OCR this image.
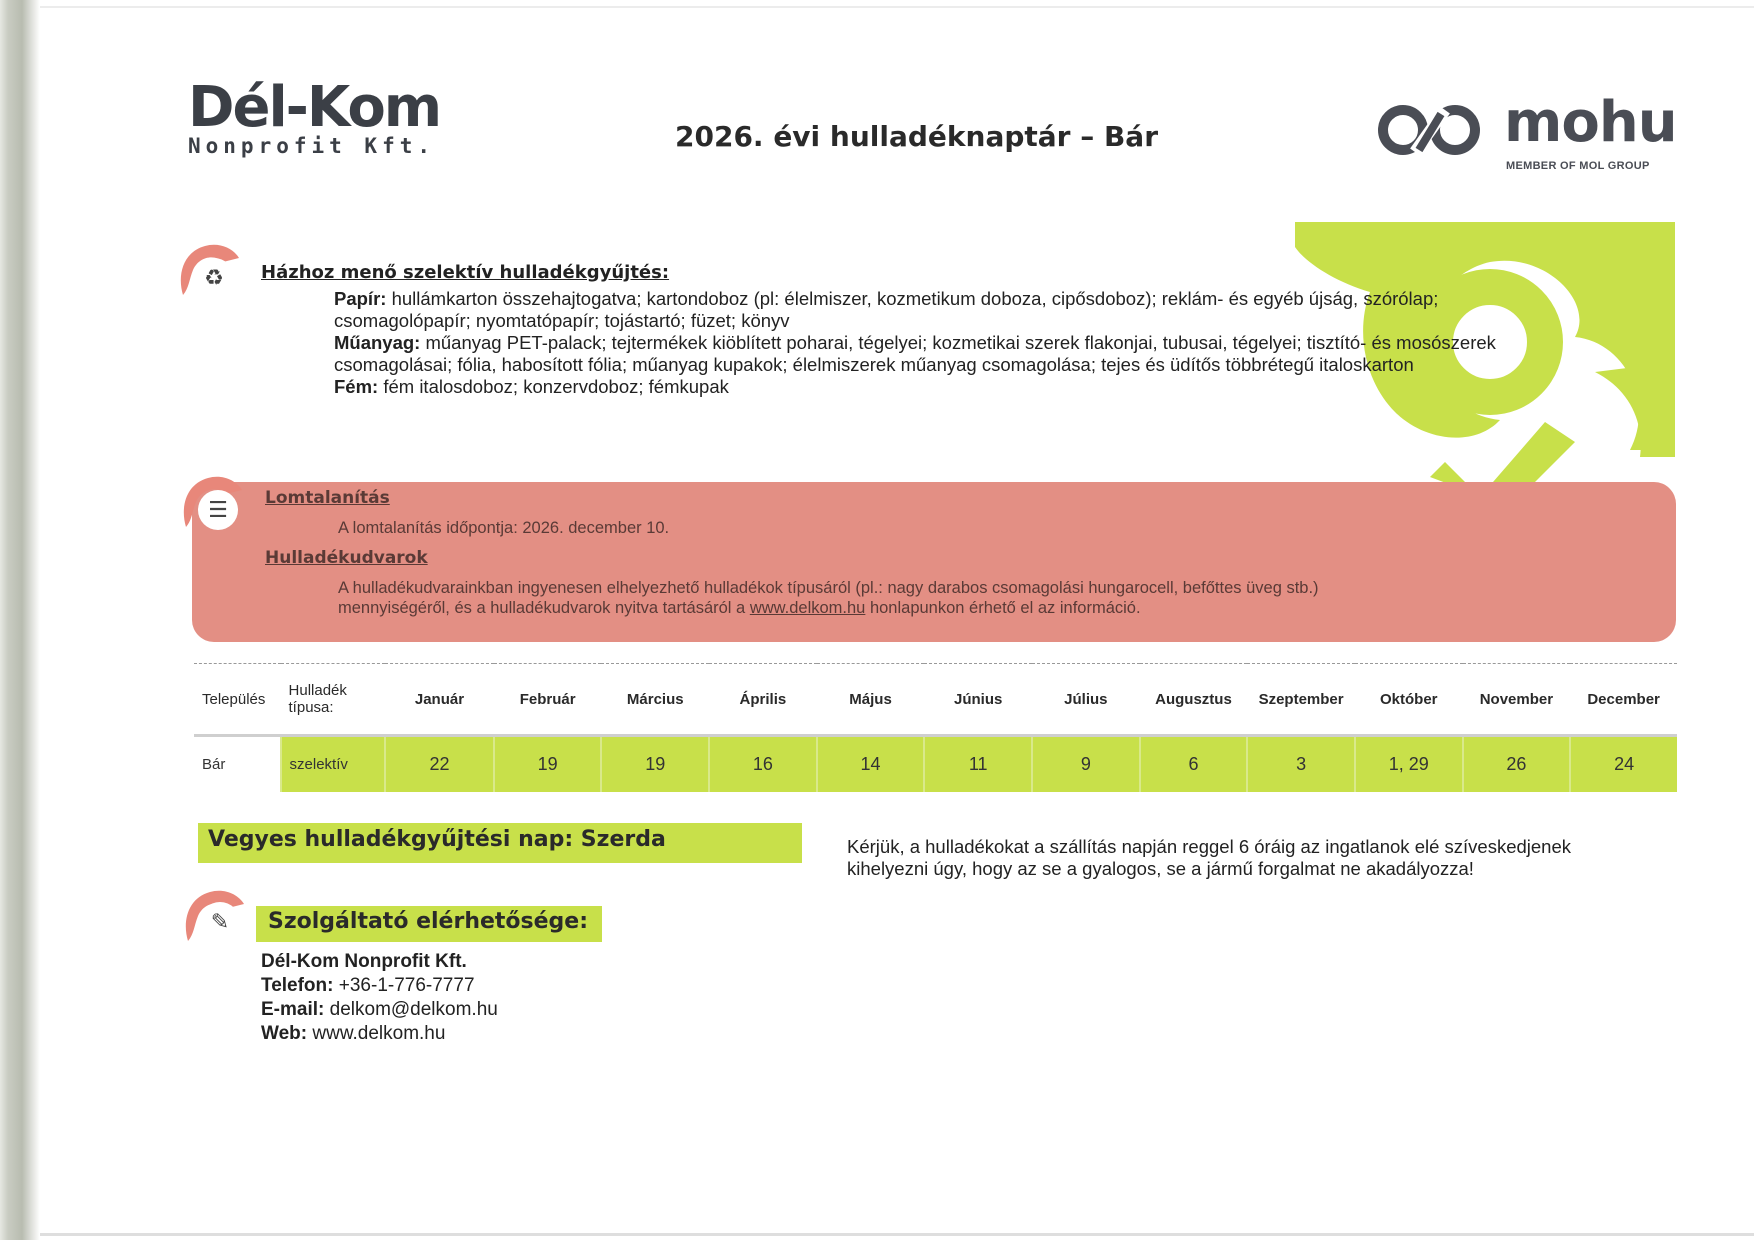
Dél-Kom
Nonprofit Kft.	2026. évi hulladéknaptár – Bár	mohu
MEMBER OF MOL GROUP
♻	Házhoz menő szelektív hulladékgyűjtés:

Papír: hullámkarton összehajtogatva; kartondoboz (pl: élelmiszer, kozmetikum doboza, cipősdoboz); reklám- és egyéb újság, szórólap;

csomagolópapír; nyomtatópapír; tojástartó; füzet; könyv

Műanyag: műanyag PET-palack; tejtermékek kiöblített poharai, tégelyei; kozmetikai szerek flakonjai, tubusai, tégelyei; tisztító- és mosószerek

csomagolásai; fólia, habosított fólia; műanyag kupakok; élelmiszerek műanyag csomagolása; tejes és üdítős többrétegű italoskarton

Fém: fém italosdoboz; konzervdoboz; fémkupak

☰	Lomtalanítás
A lomtalanítás időpontja: 2026. december 10.
Hulladékudvarok
A hulladékudvarainkban ingyenesen elhelyezhető hulladékok típusáról (pl.: nagy darabos csomagolási hungarocell, befőttes üveg stb.)
mennyiségéről, és a hulladékudvarok nyitva tartásáról a www.delkom.hu honlapunkon érhető el az információ.
Település	Hulladék típusa:	Január	Február	Március	Április	Május	Június	Július	Augusztus	Szeptember	Október	November	December
Bár	szelektív	22	19	19	16	14	11	9	6	3	1, 29	26	24
Vegyes hulladékgyűjtési nap: Szerda	Kérjük, a hulladékokat a szállítás napján reggel 6 óráig az ingatlanok elé szíveskedjenek
kihelyezni úgy, hogy az se a gyalogos, se a jármű forgalmat ne akadályozza!
✎	Szolgáltató elérhetősége:
Dél-Kom Nonprofit Kft.
Telefon: +36-1-776-7777
E-mail: delkom@delkom.hu
Web: www.delkom.hu
